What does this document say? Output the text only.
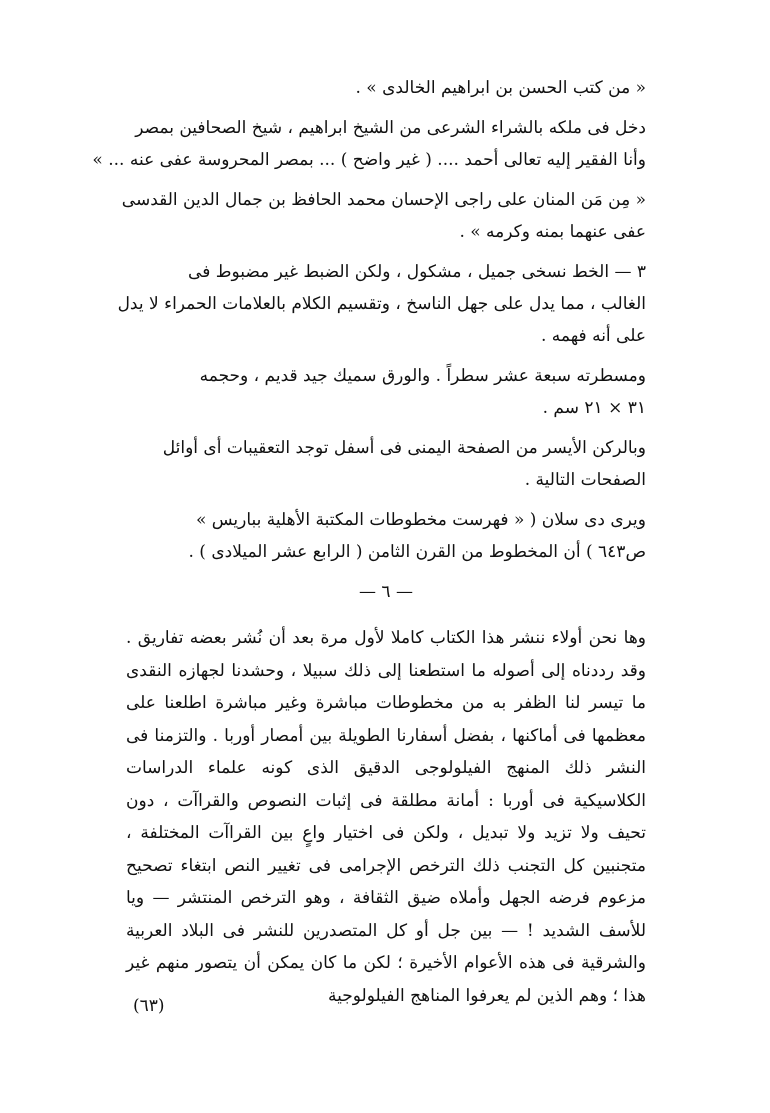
« من كتب الحسن بن ابراهيم الخالدى » .
دخل فى ملكه بالشراء الشرعى من الشيخ ابراهيم ، شيخ الصحافين بمصر
وأنا الفقير إليه تعالى أحمد .... ( غير واضح ) ... بمصر المحروسة عفى عنه ... »
« مِن مَن المنان على راجى الإحسان محمد الحافظ بن جمال الدين القدسى
عفى عنهما بمنه وكرمه » .
٣ — الخط نسخى جميل ، مشكول ، ولكن الضبط غير مضبوط فى
الغالب ، مما يدل على جهل الناسخ ، وتقسيم الكلام بالعلامات الحمراء لا يدل
على أنه فهمه .
ومسطرته سبعة عشر سطراً . والورق سميك جيد قديم ، وحجمه
٣١ × ٢١ سم .
وبالركن الأيسر من الصفحة اليمنى فى أسفل توجد التعقيبات أى أوائل
الصفحات التالية .
ويرى دى سلان ( « فهرست مخطوطات المكتبة الأهلية بباريس »
ص٦٤٣ ) أن المخطوط من القرن الثامن ( الرابع عشر الميلادى ) .
— ٦ —
وها نحن أولاء ننشر هذا الكتاب كاملا لأول مرة بعد أن نُشر بعضه تفاريق . وقد رددناه إلى أصوله ما استطعنا إلى ذلك سبيلا ، وحشدنا لجهازه النقدى ما تيسر لنا الظفر به من مخطوطات مباشرة وغير مباشرة اطلعنا على معظمها فى أماكنها ، بفضل أسفارنا الطويلة بين أمصار أوربا . والتزمنا فى النشر ذلك المنهج الفيلولوجى الدقيق الذى كونه علماء الدراسات الكلاسيكية فى أوربا : أمانة مطلقة فى إثبات النصوص والقراآت ، دون تحيف ولا تزيد ولا تبديل ، ولكن فى اختيار واعٍ بين القراآت المختلفة ، متجنبين كل التجنب ذلك الترخص الإجرامى فى تغيير النص ابتغاء تصحيح مزعوم فرضه الجهل وأملاه ضيق الثقافة ، وهو الترخص المنتشر — ويا للأسف الشديد ! — بين جل أو كل المتصدرين للنشر فى البلاد العربية والشرقية فى هذه الأعوام الأخيرة ؛ لكن ما كان يمكن أن يتصور منهم غير هذا ؛ وهم الذين لم يعرفوا المناهج الفيلولوجية
(٦٣)
